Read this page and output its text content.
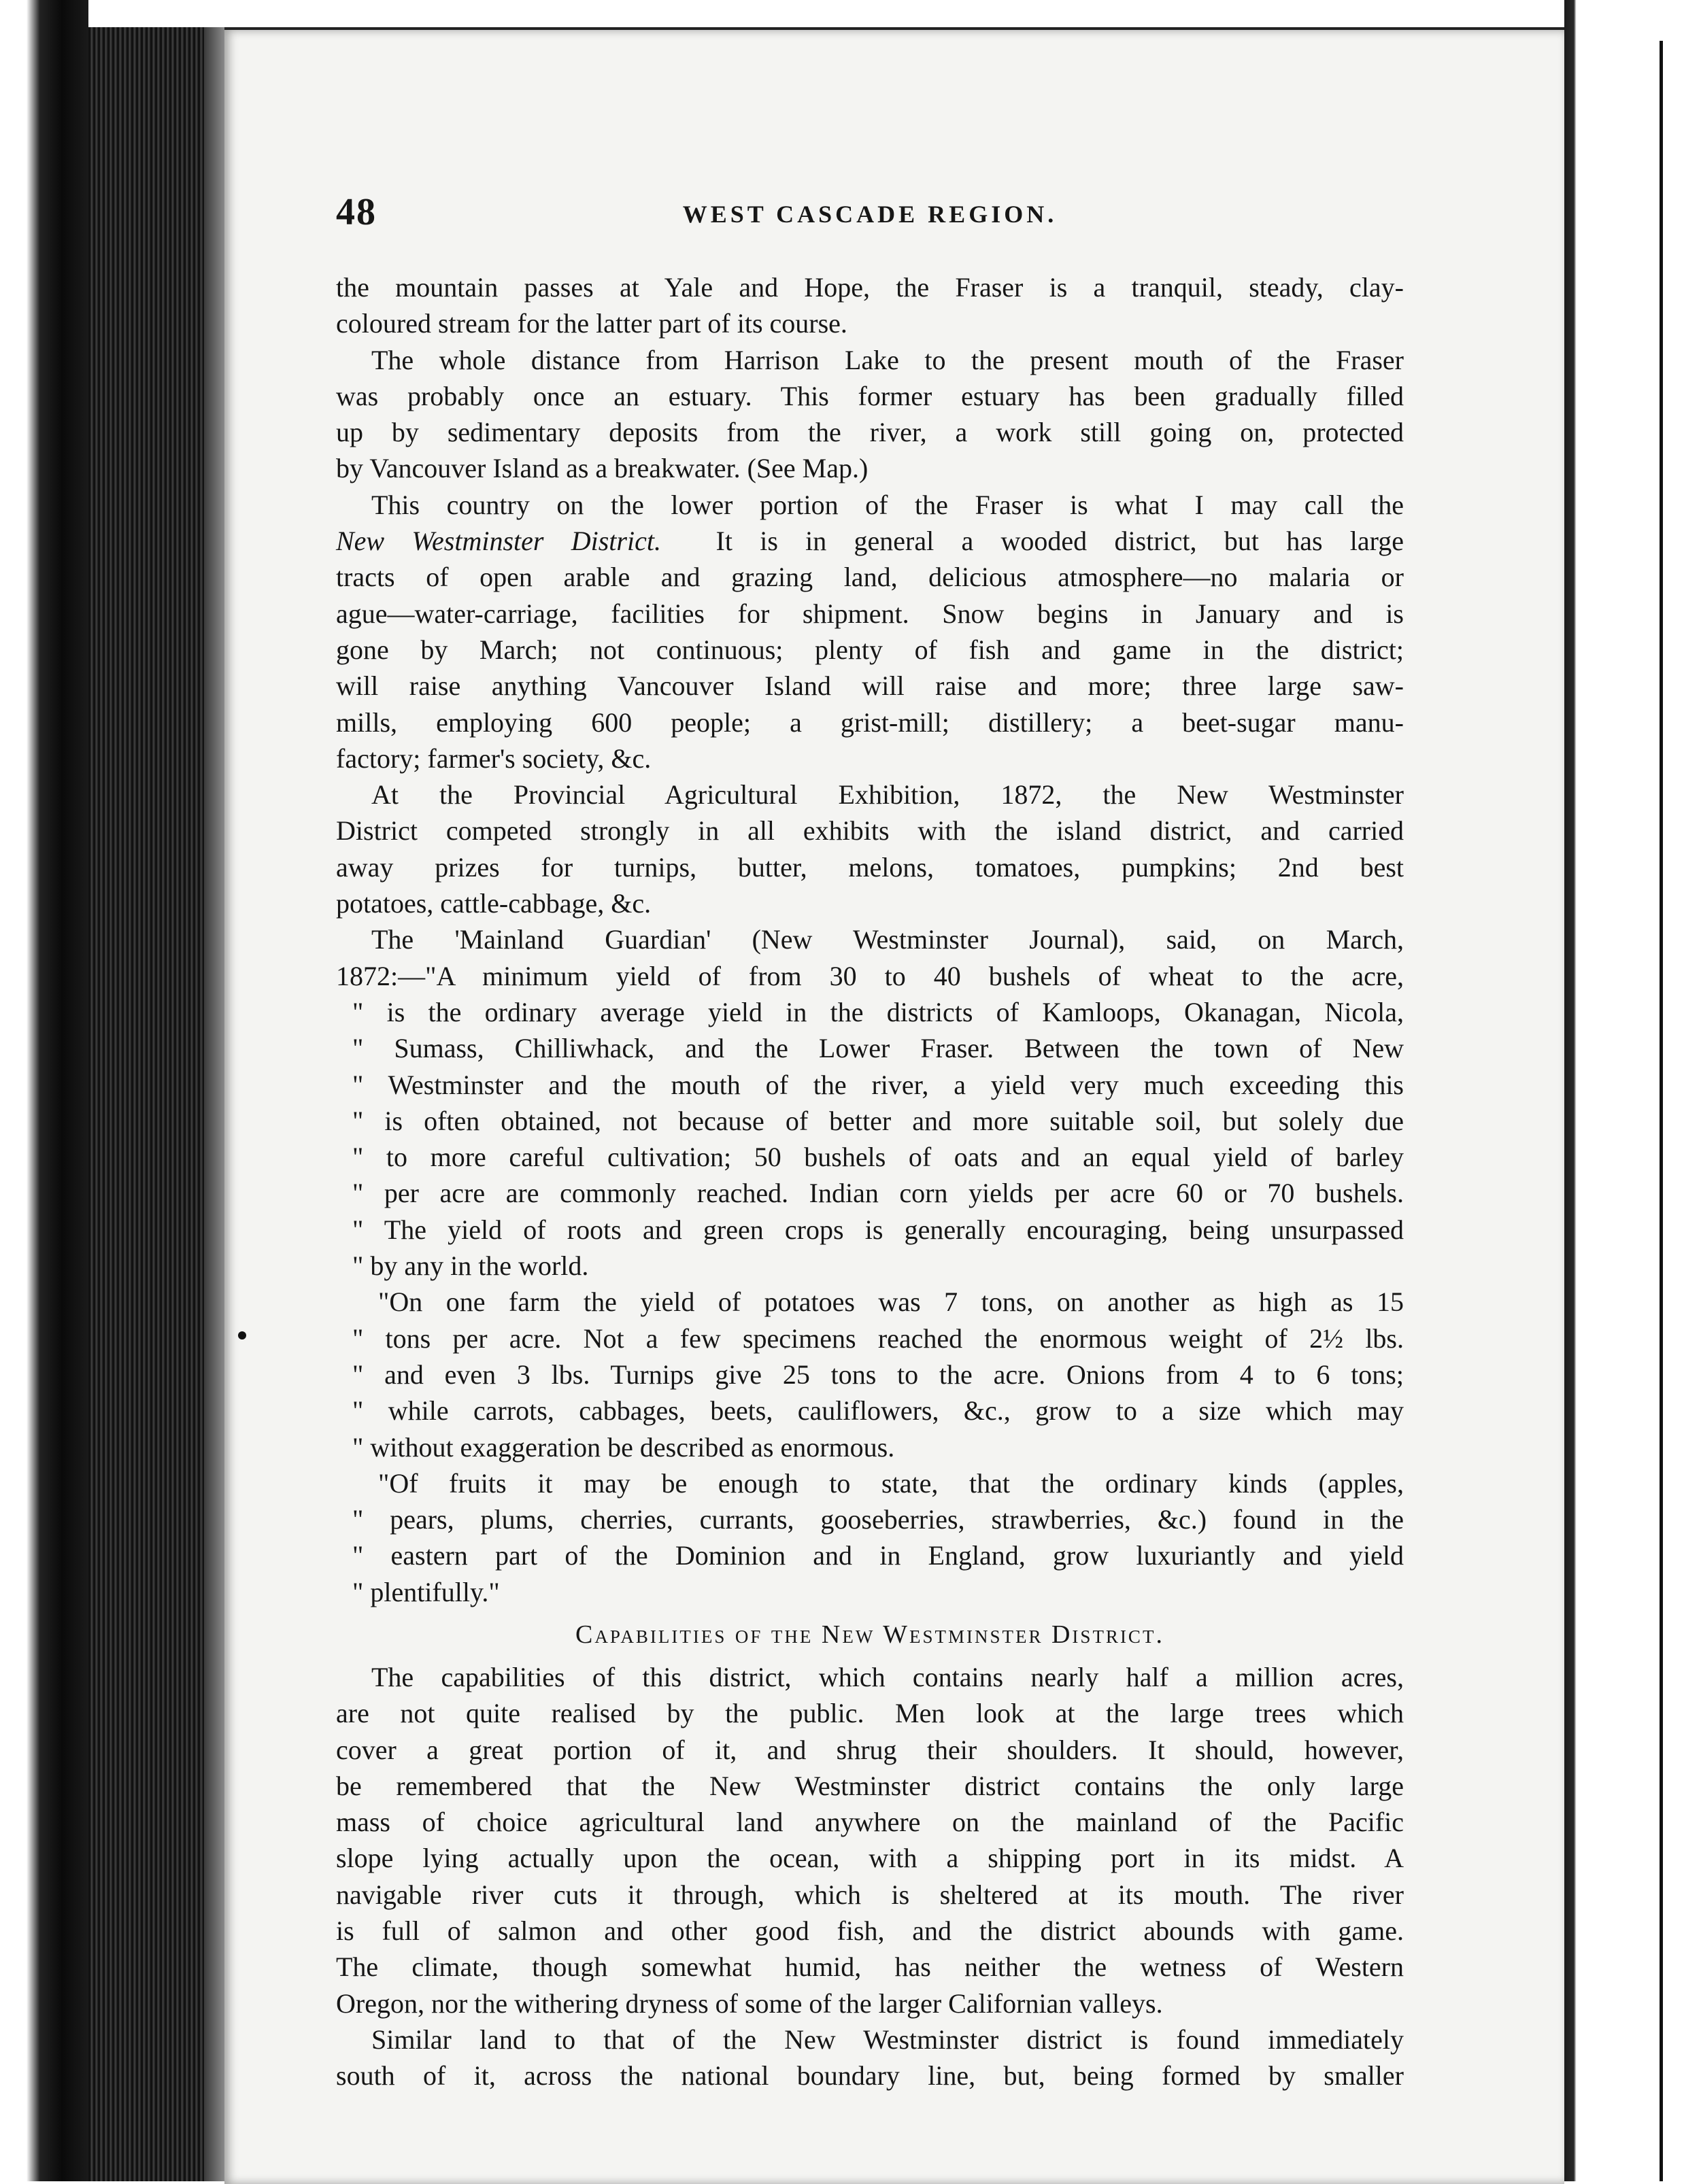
48	WEST CASCADE REGION.
the mountain passes at Yale and Hope, the Fraser is a tranquil, steady, clay-
coloured stream for the latter part of its course.
The whole distance from Harrison Lake to the present mouth of the Fraser
was probably once an estuary. This former estuary has been gradually filled
up by sedimentary deposits from the river, a work still going on, protected
by Vancouver Island as a breakwater. (See Map.)
This country on the lower portion of the Fraser is what I may call the
New Westminster District. It is in general a wooded district, but has large
tracts of open arable and grazing land, delicious atmosphere—no malaria or
ague—water-carriage, facilities for shipment. Snow begins in January and is
gone by March; not continuous; plenty of fish and game in the district;
will raise anything Vancouver Island will raise and more; three large saw-
mills, employing 600 people; a grist-mill; distillery; a beet-sugar manu-
factory; farmer's society, &c.
At the Provincial Agricultural Exhibition, 1872, the New Westminster
District competed strongly in all exhibits with the island district, and carried
away prizes for turnips, butter, melons, tomatoes, pumpkins; 2nd best
potatoes, cattle-cabbage, &c.
The 'Mainland Guardian' (New Westminster Journal), said, on March,
1872:—"A minimum yield of from 30 to 40 bushels of wheat to the acre,
" is the ordinary average yield in the districts of Kamloops, Okanagan, Nicola,
" Sumass, Chilliwhack, and the Lower Fraser. Between the town of New
" Westminster and the mouth of the river, a yield very much exceeding this
" is often obtained, not because of better and more suitable soil, but solely due
" to more careful cultivation; 50 bushels of oats and an equal yield of barley
" per acre are commonly reached. Indian corn yields per acre 60 or 70 bushels.
" The yield of roots and green crops is generally encouraging, being unsurpassed
" by any in the world.
"On one farm the yield of potatoes was 7 tons, on another as high as 15
" tons per acre. Not a few specimens reached the enormous weight of 2½ lbs.
" and even 3 lbs. Turnips give 25 tons to the acre. Onions from 4 to 6 tons;
" while carrots, cabbages, beets, cauliflowers, &c., grow to a size which may
" without exaggeration be described as enormous.
"Of fruits it may be enough to state, that the ordinary kinds (apples,
" pears, plums, cherries, currants, gooseberries, strawberries, &c.) found in the
" eastern part of the Dominion and in England, grow luxuriantly and yield
" plentifully."
Capabilities of the New Westminster District.
The capabilities of this district, which contains nearly half a million acres,
are not quite realised by the public. Men look at the large trees which
cover a great portion of it, and shrug their shoulders. It should, however,
be remembered that the New Westminster district contains the only large
mass of choice agricultural land anywhere on the mainland of the Pacific
slope lying actually upon the ocean, with a shipping port in its midst. A
navigable river cuts it through, which is sheltered at its mouth. The river
is full of salmon and other good fish, and the district abounds with game.
The climate, though somewhat humid, has neither the wetness of Western
Oregon, nor the withering dryness of some of the larger Californian valleys.
Similar land to that of the New Westminster district is found immediately
south of it, across the national boundary line, but, being formed by smaller
